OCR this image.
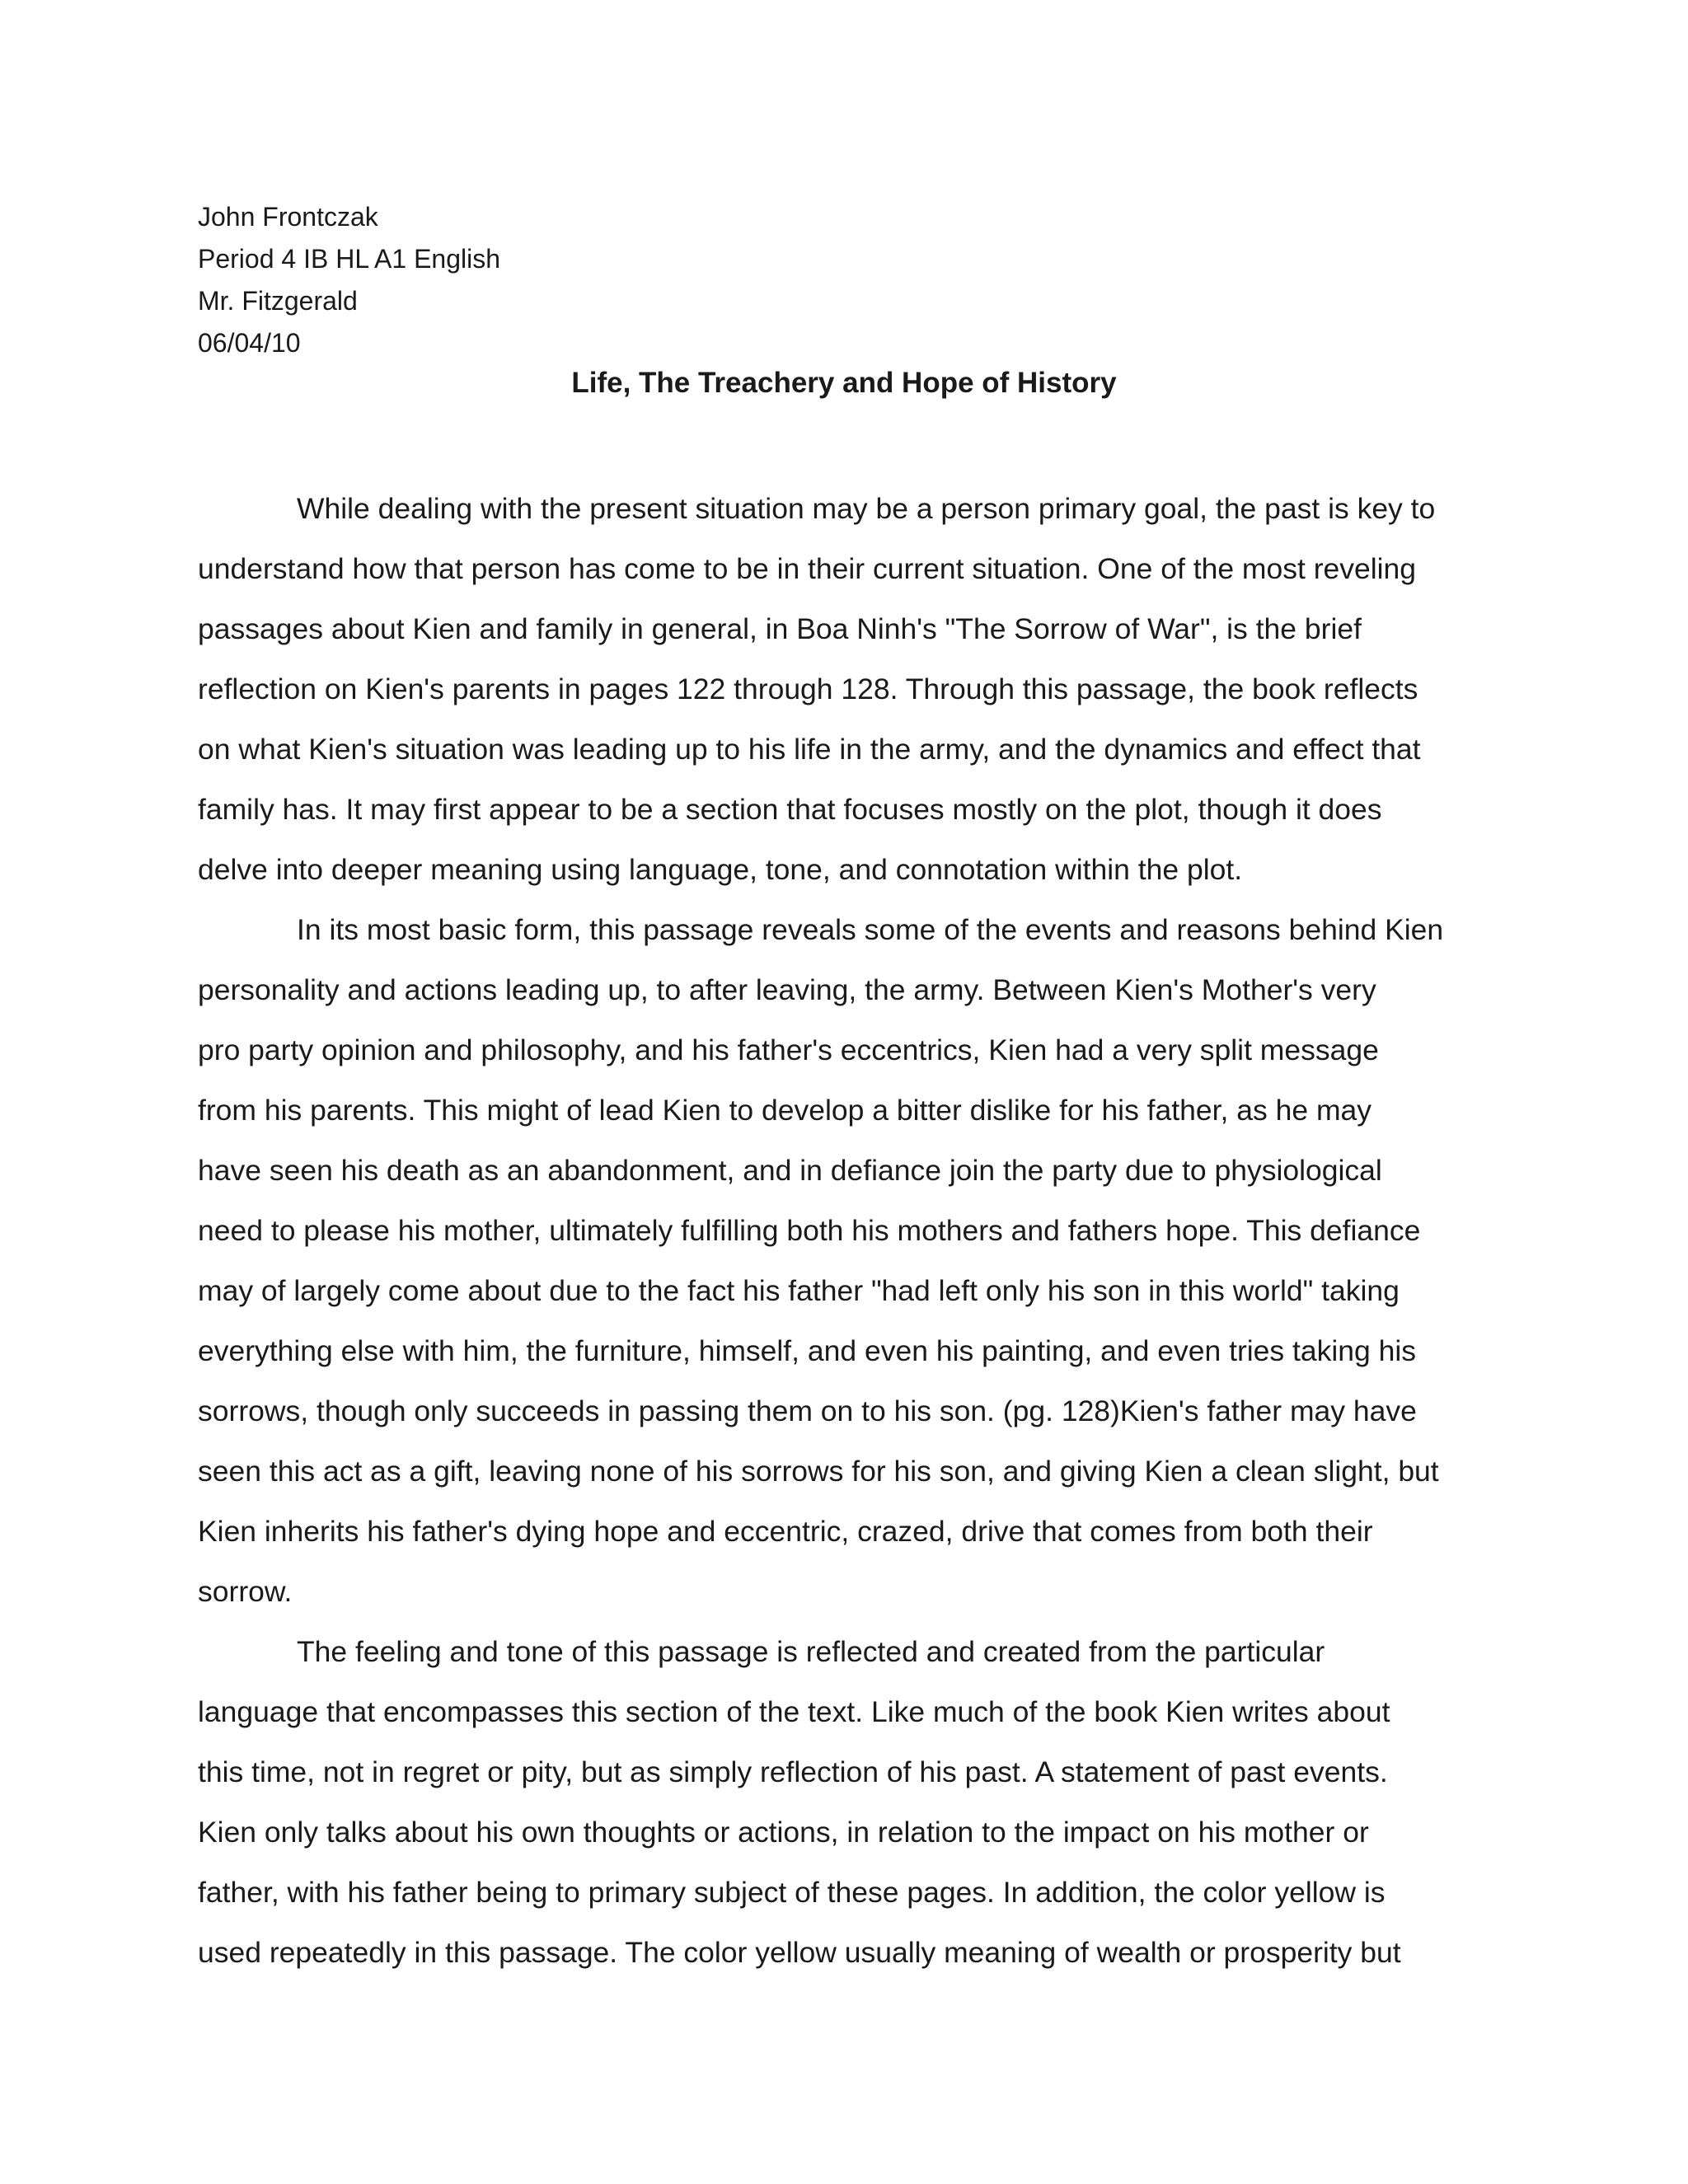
John Frontczak
Period 4 IB HL A1 English
Mr. Fitzgerald
06/04/10
Life, The Treachery and Hope of History
While dealing with the present situation may be a person primary goal, the past is key to
understand how that person has come to be in their current situation. One of the most reveling
passages about Kien and family in general, in Boa Ninh's "The Sorrow of War", is the brief
reflection on Kien's parents in pages 122 through 128. Through this passage, the book reflects
on what Kien's situation was leading up to his life in the army, and the dynamics and effect that
family has. It may first appear to be a section that focuses mostly on the plot, though it does
delve into deeper meaning using language, tone, and connotation within the plot.
In its most basic form, this passage reveals some of the events and reasons behind Kien
personality and actions leading up, to after leaving, the army. Between Kien's Mother's very
pro party opinion and philosophy, and his father's eccentrics, Kien had a very split message
from his parents. This might of lead Kien to develop a bitter dislike for his father, as he may
have seen his death as an abandonment, and in defiance join the party due to physiological
need to please his mother, ultimately fulfilling both his mothers and fathers hope. This defiance
may of largely come about due to the fact his father "had left only his son in this world" taking
everything else with him, the furniture, himself, and even his painting, and even tries taking his
sorrows, though only succeeds in passing them on to his son. (pg. 128)Kien's father may have
seen this act as a gift, leaving none of his sorrows for his son, and giving Kien a clean slight, but
Kien inherits his father's dying hope and eccentric, crazed, drive that comes from both their
sorrow.
The feeling and tone of this passage is reflected and created from the particular
language that encompasses this section of the text. Like much of the book Kien writes about
this time, not in regret or pity, but as simply reflection of his past. A statement of past events.
Kien only talks about his own thoughts or actions, in relation to the impact on his mother or
father, with his father being to primary subject of these pages. In addition, the color yellow is
used repeatedly in this passage. The color yellow usually meaning of wealth or prosperity but
